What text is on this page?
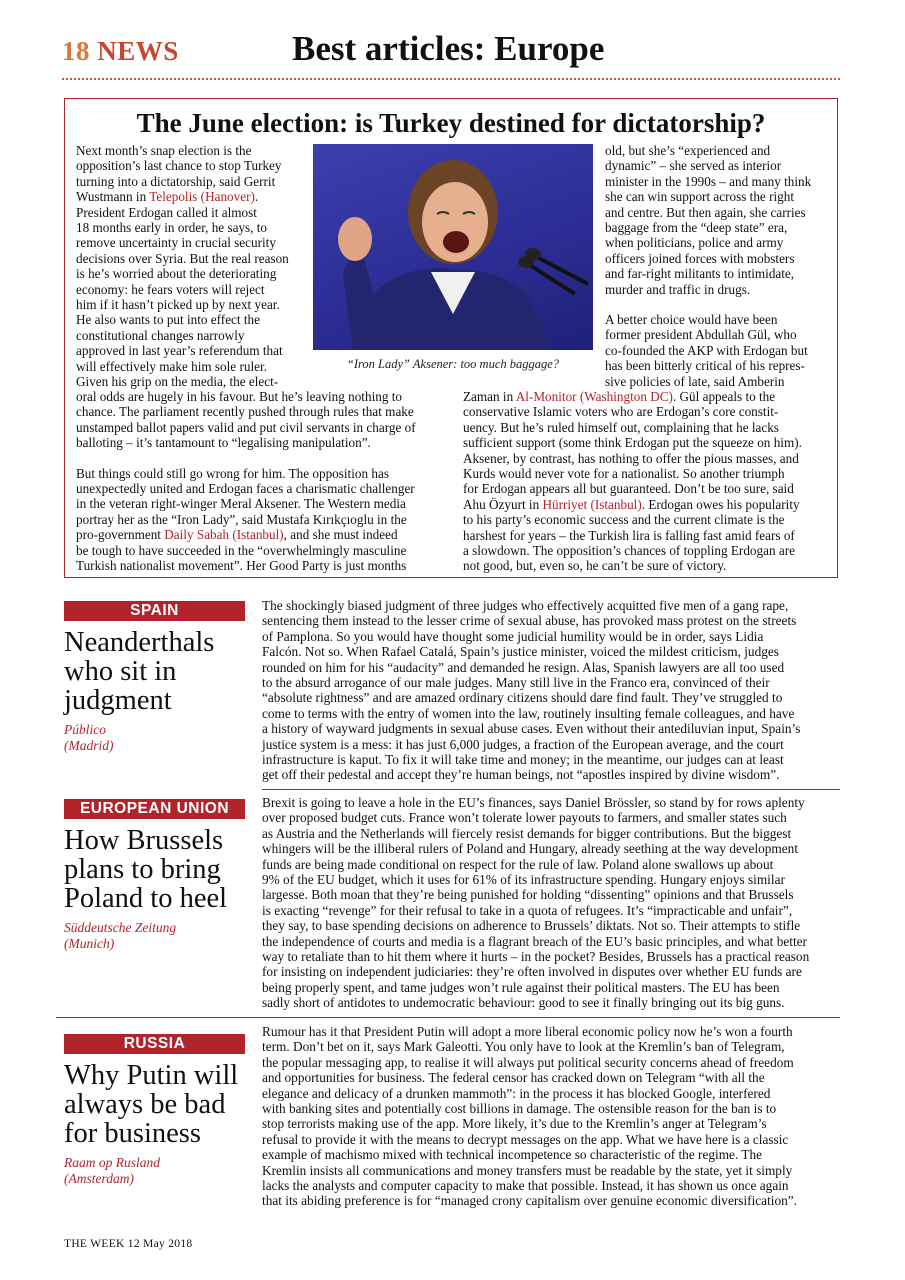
18 NEWS	Best articles: Europe
The June election: is Turkey destined for dictatorship?
Next month’s snap election is the
opposition’s last chance to stop Turkey
turning into a dictatorship, said Gerrit
Wustmann in Telepolis (Hanover).
President Erdogan called it almost
18 months early in order, he says, to
remove uncertainty in crucial security
decisions over Syria. But the real reason
is he’s worried about the deteriorating
economy: he fears voters will reject
him if it hasn’t picked up by next year.
He also wants to put into effect the
constitutional changes narrowly
approved in last year’s referendum that
will effectively make him sole ruler.
Given his grip on the media, the elect-
oral odds are hugely in his favour. But he’s leaving nothing to
chance. The parliament recently pushed through rules that make
unstamped ballot papers valid and put civil servants in charge of
balloting – it’s tantamount to “legalising manipulation”.
But things could still go wrong for him. The opposition has
unexpectedly united and Erdogan faces a charismatic challenger
in the veteran right-winger Meral Aksener. The Western media
portray her as the “Iron Lady”, said Mustafa Kırıkçıoglu in the
pro-government Daily Sabah (Istanbul), and she must indeed
be tough to have succeeded in the “overwhelmingly masculine
Turkish nationalist movement”. Her Good Party is just months
“Iron Lady” Aksener: too much baggage?
old, but she’s “experienced and
dynamic” – she served as interior
minister in the 1990s – and many think
she can win support across the right
and centre. But then again, she carries
baggage from the “deep state” era,
when politicians, police and army
officers joined forces with mobsters
and far-right militants to intimidate,
murder and traffic in drugs.
A better choice would have been
former president Abdullah Gül, who
co-founded the AKP with Erdogan but
has been bitterly critical of his repres-
sive policies of late, said Amberin
Zaman in Al-Monitor (Washington DC). Gül appeals to the
conservative Islamic voters who are Erdogan’s core constit-
uency. But he’s ruled himself out, complaining that he lacks
sufficient support (some think Erdogan put the squeeze on him).
Aksener, by contrast, has nothing to offer the pious masses, and
Kurds would never vote for a nationalist. So another triumph
for Erdogan appears all but guaranteed. Don’t be too sure, said
Ahu Özyurt in Hürriyet (Istanbul). Erdogan owes his popularity
to his party’s economic success and the current climate is the
harshest for years – the Turkish lira is falling fast amid fears of
a slowdown. The opposition’s chances of toppling Erdogan are
not good, but, even so, he can’t be sure of victory.
SPAIN
Neanderthals
who sit in
judgment
Público
(Madrid)
The shockingly biased judgment of three judges who effectively acquitted five men of a gang rape,
sentencing them instead to the lesser crime of sexual abuse, has provoked mass protest on the streets
of Pamplona. So you would have thought some judicial humility would be in order, says Lidia
Falcón. Not so. When Rafael Catalá, Spain’s justice minister, voiced the mildest criticism, judges
rounded on him for his “audacity” and demanded he resign. Alas, Spanish lawyers are all too used
to the absurd arrogance of our male judges. Many still live in the Franco era, convinced of their
“absolute rightness” and are amazed ordinary citizens should dare find fault. They’ve struggled to
come to terms with the entry of women into the law, routinely insulting female colleagues, and have
a history of wayward judgments in sexual abuse cases. Even without their antediluvian input, Spain’s
justice system is a mess: it has just 6,000 judges, a fraction of the European average, and the court
infrastructure is kaput. To fix it will take time and money; in the meantime, our judges can at least
get off their pedestal and accept they’re human beings, not “apostles inspired by divine wisdom”.
EUROPEAN UNION
How Brussels
plans to bring
Poland to heel
Süddeutsche Zeitung
(Munich)
Brexit is going to leave a hole in the EU’s finances, says Daniel Brössler, so stand by for rows aplenty
over proposed budget cuts. France won’t tolerate lower payouts to farmers, and smaller states such
as Austria and the Netherlands will fiercely resist demands for bigger contributions. But the biggest
whingers will be the illiberal rulers of Poland and Hungary, already seething at the way development
funds are being made conditional on respect for the rule of law. Poland alone swallows up about
9% of the EU budget, which it uses for 61% of its infrastructure spending. Hungary enjoys similar
largesse. Both moan that they’re being punished for holding “dissenting” opinions and that Brussels
is exacting “revenge” for their refusal to take in a quota of refugees. It’s “impracticable and unfair”,
they say, to base spending decisions on adherence to Brussels’ diktats. Not so. Their attempts to stifle
the independence of courts and media is a flagrant breach of the EU’s basic principles, and what better
way to retaliate than to hit them where it hurts – in the pocket? Besides, Brussels has a practical reason
for insisting on independent judiciaries: they’re often involved in disputes over whether EU funds are
being properly spent, and tame judges won’t rule against their political masters. The EU has been
sadly short of antidotes to undemocratic behaviour: good to see it finally bringing out its big guns.
RUSSIA
Why Putin will
always be bad
for business
Raam op Rusland
(Amsterdam)
Rumour has it that President Putin will adopt a more liberal economic policy now he’s won a fourth
term. Don’t bet on it, says Mark Galeotti. You only have to look at the Kremlin’s ban of Telegram,
the popular messaging app, to realise it will always put political security concerns ahead of freedom
and opportunities for business. The federal censor has cracked down on Telegram “with all the
elegance and delicacy of a drunken mammoth”: in the process it has blocked Google, interfered
with banking sites and potentially cost billions in damage. The ostensible reason for the ban is to
stop terrorists making use of the app. More likely, it’s due to the Kremlin’s anger at Telegram’s
refusal to provide it with the means to decrypt messages on the app. What we have here is a classic
example of machismo mixed with technical incompetence so characteristic of the regime. The
Kremlin insists all communications and money transfers must be readable by the state, yet it simply
lacks the analysts and computer capacity to make that possible. Instead, it has shown us once again
that its abiding preference is for “managed crony capitalism over genuine economic diversification”.
THE WEEK 12 May 2018
